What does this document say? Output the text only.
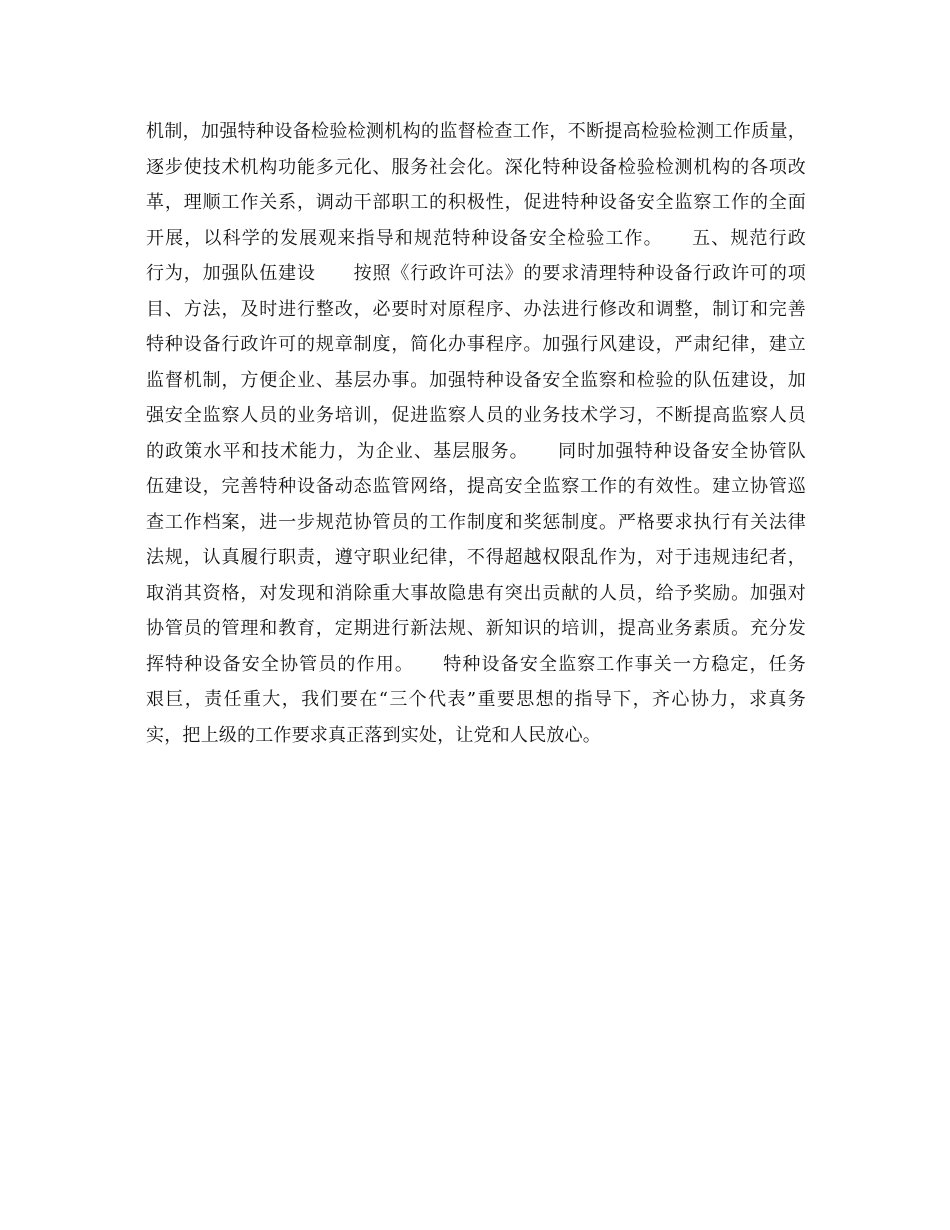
机制，加强特种设备检验检测机构的监督检查工作，不断提高检验检测工作质量，
逐步使技术机构功能多元化、服务社会化。深化特种设备检验检测机构的各项改
革，理顺工作关系，调动干部职工的积极性，促进特种设备安全监察工作的全面
开展，以科学的发展观来指导和规范特种设备安全检验工作。　　五、规范行政
行为，加强队伍建设　　按照《行政许可法》的要求清理特种设备行政许可的项
目、方法，及时进行整改，必要时对原程序、办法进行修改和调整，制订和完善
特种设备行政许可的规章制度，简化办事程序。加强行风建设，严肃纪律，建立
监督机制，方便企业、基层办事。加强特种设备安全监察和检验的队伍建设，加
强安全监察人员的业务培训，促进监察人员的业务技术学习，不断提高监察人员
的政策水平和技术能力，为企业、基层服务。　　同时加强特种设备安全协管队
伍建设，完善特种设备动态监管网络，提高安全监察工作的有效性。建立协管巡
查工作档案，进一步规范协管员的工作制度和奖惩制度。严格要求执行有关法律
法规，认真履行职责，遵守职业纪律，不得超越权限乱作为，对于违规违纪者，
取消其资格，对发现和消除重大事故隐患有突出贡献的人员，给予奖励。加强对
协管员的管理和教育，定期进行新法规、新知识的培训，提高业务素质。充分发
挥特种设备安全协管员的作用。　　特种设备安全监察工作事关一方稳定，任务
艰巨，责任重大，我们要在“三个代表”重要思想的指导下，齐心协力，求真务
实，把上级的工作要求真正落到实处，让党和人民放心。
